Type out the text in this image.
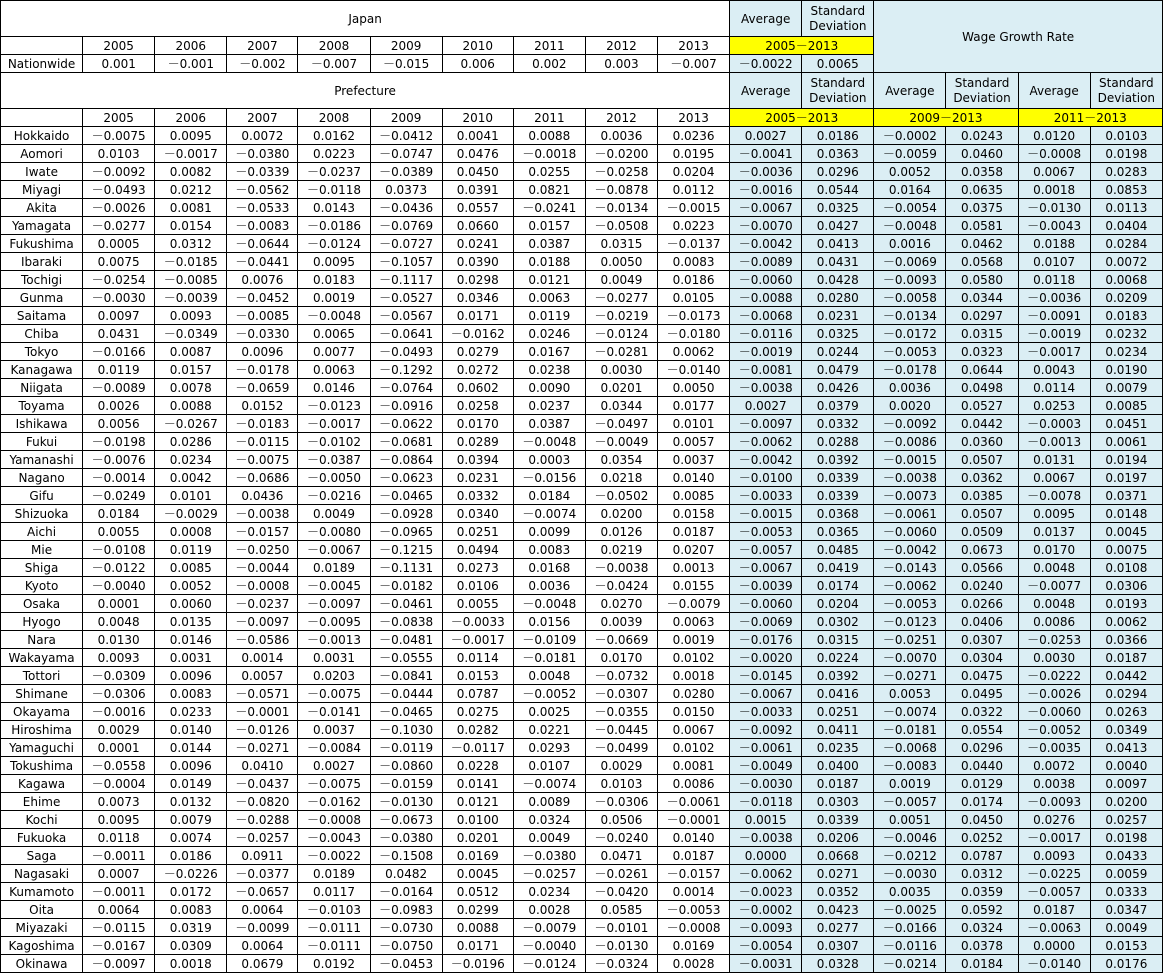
Japan										Average	Standard Deviation	Wage Growth Rate			
	2005	2006	2007	2008	2009	2010	2011	2012	2013	2005－2013					
Nationwide	0.001	－0.001	－0.002	－0.007	－0.015	0.006	0.002	0.003	－0.007	－0.0022	0.0065				
Prefecture										Average	Standard Deviation	Average	Standard Deviation	Average	Standard Deviation
	2005	2006	2007	2008	2009	2010	2011	2012	2013	2005－2013		2009－2013		2011－2013	
Hokkaido	－0.0075	0.0095	0.0072	0.0162	－0.0412	0.0041	0.0088	0.0036	0.0236	0.0027	0.0186	－0.0002	0.0243	0.0120	0.0103
Aomori	0.0103	－0.0017	－0.0380	0.0223	－0.0747	0.0476	－0.0018	－0.0200	0.0195	－0.0041	0.0363	－0.0059	0.0460	－0.0008	0.0198
Iwate	－0.0092	0.0082	－0.0339	－0.0237	－0.0389	0.0450	0.0255	－0.0258	0.0204	－0.0036	0.0296	0.0052	0.0358	0.0067	0.0283
Miyagi	－0.0493	0.0212	－0.0562	－0.0118	0.0373	0.0391	0.0821	－0.0878	0.0112	－0.0016	0.0544	0.0164	0.0635	0.0018	0.0853
Akita	－0.0026	0.0081	－0.0533	0.0143	－0.0436	0.0557	－0.0241	－0.0134	－0.0015	－0.0067	0.0325	－0.0054	0.0375	－0.0130	0.0113
Yamagata	－0.0277	0.0154	－0.0083	－0.0186	－0.0769	0.0660	0.0157	－0.0508	0.0223	－0.0070	0.0427	－0.0048	0.0581	－0.0043	0.0404
Fukushima	0.0005	0.0312	－0.0644	－0.0124	－0.0727	0.0241	0.0387	0.0315	－0.0137	－0.0042	0.0413	0.0016	0.0462	0.0188	0.0284
Ibaraki	0.0075	－0.0185	－0.0441	0.0095	－0.1057	0.0390	0.0188	0.0050	0.0083	－0.0089	0.0431	－0.0069	0.0568	0.0107	0.0072
Tochigi	－0.0254	－0.0085	0.0076	0.0183	－0.1117	0.0298	0.0121	0.0049	0.0186	－0.0060	0.0428	－0.0093	0.0580	0.0118	0.0068
Gunma	－0.0030	－0.0039	－0.0452	0.0019	－0.0527	0.0346	0.0063	－0.0277	0.0105	－0.0088	0.0280	－0.0058	0.0344	－0.0036	0.0209
Saitama	0.0097	0.0093	－0.0085	－0.0048	－0.0567	0.0171	0.0119	－0.0219	－0.0173	－0.0068	0.0231	－0.0134	0.0297	－0.0091	0.0183
Chiba	0.0431	－0.0349	－0.0330	0.0065	－0.0641	－0.0162	0.0246	－0.0124	－0.0180	－0.0116	0.0325	－0.0172	0.0315	－0.0019	0.0232
Tokyo	－0.0166	0.0087	0.0096	0.0077	－0.0493	0.0279	0.0167	－0.0281	0.0062	－0.0019	0.0244	－0.0053	0.0323	－0.0017	0.0234
Kanagawa	0.0119	0.0157	－0.0178	0.0063	－0.1292	0.0272	0.0238	0.0030	－0.0140	－0.0081	0.0479	－0.0178	0.0644	0.0043	0.0190
Niigata	－0.0089	0.0078	－0.0659	0.0146	－0.0764	0.0602	0.0090	0.0201	0.0050	－0.0038	0.0426	0.0036	0.0498	0.0114	0.0079
Toyama	0.0026	0.0088	0.0152	－0.0123	－0.0916	0.0258	0.0237	0.0344	0.0177	0.0027	0.0379	0.0020	0.0527	0.0253	0.0085
Ishikawa	0.0056	－0.0267	－0.0183	－0.0017	－0.0622	0.0170	0.0387	－0.0497	0.0101	－0.0097	0.0332	－0.0092	0.0442	－0.0003	0.0451
Fukui	－0.0198	0.0286	－0.0115	－0.0102	－0.0681	0.0289	－0.0048	－0.0049	0.0057	－0.0062	0.0288	－0.0086	0.0360	－0.0013	0.0061
Yamanashi	－0.0076	0.0234	－0.0075	－0.0387	－0.0864	0.0394	0.0003	0.0354	0.0037	－0.0042	0.0392	－0.0015	0.0507	0.0131	0.0194
Nagano	－0.0014	0.0042	－0.0686	－0.0050	－0.0623	0.0231	－0.0156	0.0218	0.0140	－0.0100	0.0339	－0.0038	0.0362	0.0067	0.0197
Gifu	－0.0249	0.0101	0.0436	－0.0216	－0.0465	0.0332	0.0184	－0.0502	0.0085	－0.0033	0.0339	－0.0073	0.0385	－0.0078	0.0371
Shizuoka	0.0184	－0.0029	－0.0038	0.0049	－0.0928	0.0340	－0.0074	0.0200	0.0158	－0.0015	0.0368	－0.0061	0.0507	0.0095	0.0148
Aichi	0.0055	0.0008	－0.0157	－0.0080	－0.0965	0.0251	0.0099	0.0126	0.0187	－0.0053	0.0365	－0.0060	0.0509	0.0137	0.0045
Mie	－0.0108	0.0119	－0.0250	－0.0067	－0.1215	0.0494	0.0083	0.0219	0.0207	－0.0057	0.0485	－0.0042	0.0673	0.0170	0.0075
Shiga	－0.0122	0.0085	－0.0044	0.0189	－0.1131	0.0273	0.0168	－0.0038	0.0013	－0.0067	0.0419	－0.0143	0.0566	0.0048	0.0108
Kyoto	－0.0040	0.0052	－0.0008	－0.0045	－0.0182	0.0106	0.0036	－0.0424	0.0155	－0.0039	0.0174	－0.0062	0.0240	－0.0077	0.0306
Osaka	0.0001	0.0060	－0.0237	－0.0097	－0.0461	0.0055	－0.0048	0.0270	－0.0079	－0.0060	0.0204	－0.0053	0.0266	0.0048	0.0193
Hyogo	0.0048	0.0135	－0.0097	－0.0095	－0.0838	－0.0033	0.0156	0.0039	0.0063	－0.0069	0.0302	－0.0123	0.0406	0.0086	0.0062
Nara	0.0130	0.0146	－0.0586	－0.0013	－0.0481	－0.0017	－0.0109	－0.0669	0.0019	－0.0176	0.0315	－0.0251	0.0307	－0.0253	0.0366
Wakayama	0.0093	0.0031	0.0014	0.0031	－0.0555	0.0114	－0.0181	0.0170	0.0102	－0.0020	0.0224	－0.0070	0.0304	0.0030	0.0187
Tottori	－0.0309	0.0096	0.0057	0.0203	－0.0841	0.0153	0.0048	－0.0732	0.0018	－0.0145	0.0392	－0.0271	0.0475	－0.0222	0.0442
Shimane	－0.0306	0.0083	－0.0571	－0.0075	－0.0444	0.0787	－0.0052	－0.0307	0.0280	－0.0067	0.0416	0.0053	0.0495	－0.0026	0.0294
Okayama	－0.0016	0.0233	－0.0001	－0.0141	－0.0465	0.0275	0.0025	－0.0355	0.0150	－0.0033	0.0251	－0.0074	0.0322	－0.0060	0.0263
Hiroshima	0.0029	0.0140	－0.0126	0.0037	－0.1030	0.0282	0.0221	－0.0445	0.0067	－0.0092	0.0411	－0.0181	0.0554	－0.0052	0.0349
Yamaguchi	0.0001	0.0144	－0.0271	－0.0084	－0.0119	－0.0117	0.0293	－0.0499	0.0102	－0.0061	0.0235	－0.0068	0.0296	－0.0035	0.0413
Tokushima	－0.0558	0.0096	0.0410	0.0027	－0.0860	0.0228	0.0107	0.0029	0.0081	－0.0049	0.0400	－0.0083	0.0440	0.0072	0.0040
Kagawa	－0.0004	0.0149	－0.0437	－0.0075	－0.0159	0.0141	－0.0074	0.0103	0.0086	－0.0030	0.0187	0.0019	0.0129	0.0038	0.0097
Ehime	0.0073	0.0132	－0.0820	－0.0162	－0.0130	0.0121	0.0089	－0.0306	－0.0061	－0.0118	0.0303	－0.0057	0.0174	－0.0093	0.0200
Kochi	0.0095	0.0079	－0.0288	－0.0008	－0.0673	0.0100	0.0324	0.0506	－0.0001	0.0015	0.0339	0.0051	0.0450	0.0276	0.0257
Fukuoka	0.0118	0.0074	－0.0257	－0.0043	－0.0380	0.0201	0.0049	－0.0240	0.0140	－0.0038	0.0206	－0.0046	0.0252	－0.0017	0.0198
Saga	－0.0011	0.0186	0.0911	－0.0022	－0.1508	0.0169	－0.0380	0.0471	0.0187	0.0000	0.0668	－0.0212	0.0787	0.0093	0.0433
Nagasaki	0.0007	－0.0226	－0.0377	0.0189	0.0482	0.0045	－0.0257	－0.0261	－0.0157	－0.0062	0.0271	－0.0030	0.0312	－0.0225	0.0059
Kumamoto	－0.0011	0.0172	－0.0657	0.0117	－0.0164	0.0512	0.0234	－0.0420	0.0014	－0.0023	0.0352	0.0035	0.0359	－0.0057	0.0333
Oita	0.0064	0.0083	0.0064	－0.0103	－0.0983	0.0299	0.0028	0.0585	－0.0053	－0.0002	0.0423	－0.0025	0.0592	0.0187	0.0347
Miyazaki	－0.0115	0.0319	－0.0099	－0.0111	－0.0730	0.0088	－0.0079	－0.0101	－0.0008	－0.0093	0.0277	－0.0166	0.0324	－0.0063	0.0049
Kagoshima	－0.0167	0.0309	0.0064	－0.0111	－0.0750	0.0171	－0.0040	－0.0130	0.0169	－0.0054	0.0307	－0.0116	0.0378	0.0000	0.0153
Okinawa	－0.0097	0.0018	0.0679	0.0192	－0.0453	－0.0196	－0.0124	－0.0324	0.0028	－0.0031	0.0328	－0.0214	0.0184	－0.0140	0.0176
